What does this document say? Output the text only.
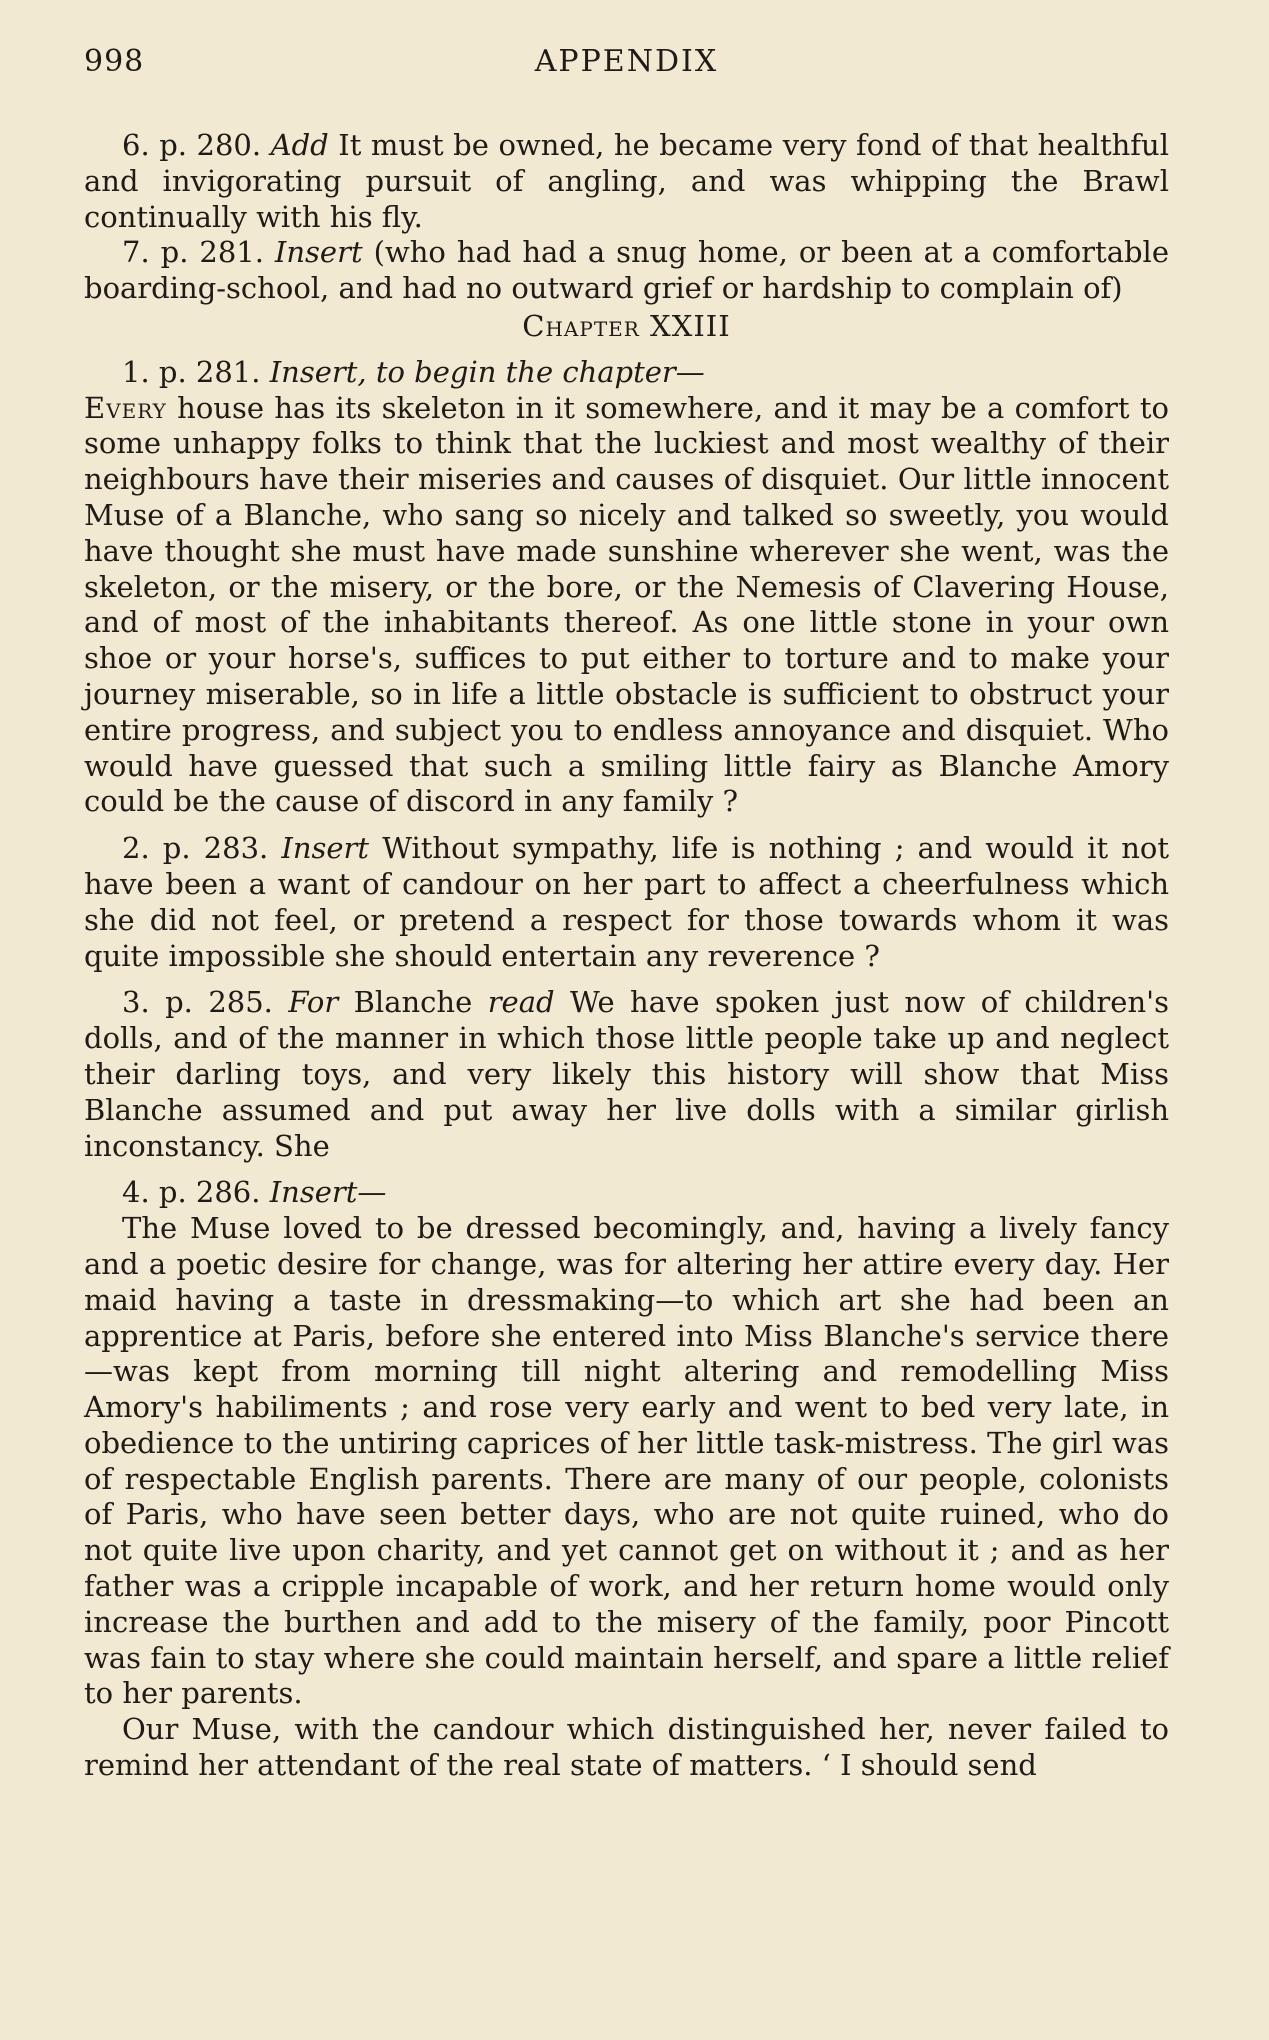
998	APPENDIX

6. p. 280. Add It must be owned, he became very fond of that healthful and invigorating pursuit of angling, and was whipping the Brawl continually with his fly.

7. p. 281. Insert (who had had a snug home, or been at a comfortable boarding-school, and had no outward grief or hardship to complain of)

Chapter XXIII

1. p. 281. Insert, to begin the chapter—

Every house has its skeleton in it somewhere, and it may be a comfort to some unhappy folks to think that the luckiest and most wealthy of their neighbours have their miseries and causes of disquiet. Our little innocent Muse of a Blanche, who sang so nicely and talked so sweetly, you would have thought she must have made sunshine wherever she went, was the skeleton, or the misery, or the bore, or the Nemesis of Clavering House, and of most of the inhabitants thereof. As one little stone in your own shoe or your horse's, suffices to put either to torture and to make your journey miserable, so in life a little obstacle is sufficient to obstruct your entire progress, and subject you to endless annoyance and disquiet. Who would have guessed that such a smiling little fairy as Blanche Amory could be the cause of discord in any family ?

2. p. 283. Insert Without sympathy, life is nothing ; and would it not have been a want of candour on her part to affect a cheerfulness which she did not feel, or pretend a respect for those towards whom it was quite impossible she should entertain any reverence ?

3. p. 285. For Blanche read We have spoken just now of children's dolls, and of the manner in which those little people take up and neglect their darling toys, and very likely this history will show that Miss Blanche assumed and put away her live dolls with a similar girlish inconstancy. She

4. p. 286. Insert—

The Muse loved to be dressed becomingly, and, having a lively fancy and a poetic desire for change, was for altering her attire every day. Her maid having a taste in dressmaking—to which art she had been an apprentice at Paris, before she entered into Miss Blanche's service there—was kept from morning till night altering and remodelling Miss Amory's habiliments ; and rose very early and went to bed very late, in obedience to the untiring caprices of her little task-mistress. The girl was of respectable English parents. There are many of our people, colonists of Paris, who have seen better days, who are not quite ruined, who do not quite live upon charity, and yet cannot get on without it ; and as her father was a cripple incapable of work, and her return home would only increase the burthen and add to the misery of the family, poor Pincott was fain to stay where she could maintain herself, and spare a little relief to her parents.

Our Muse, with the candour which distinguished her, never failed to remind her attendant of the real state of matters. ‘ I should send
